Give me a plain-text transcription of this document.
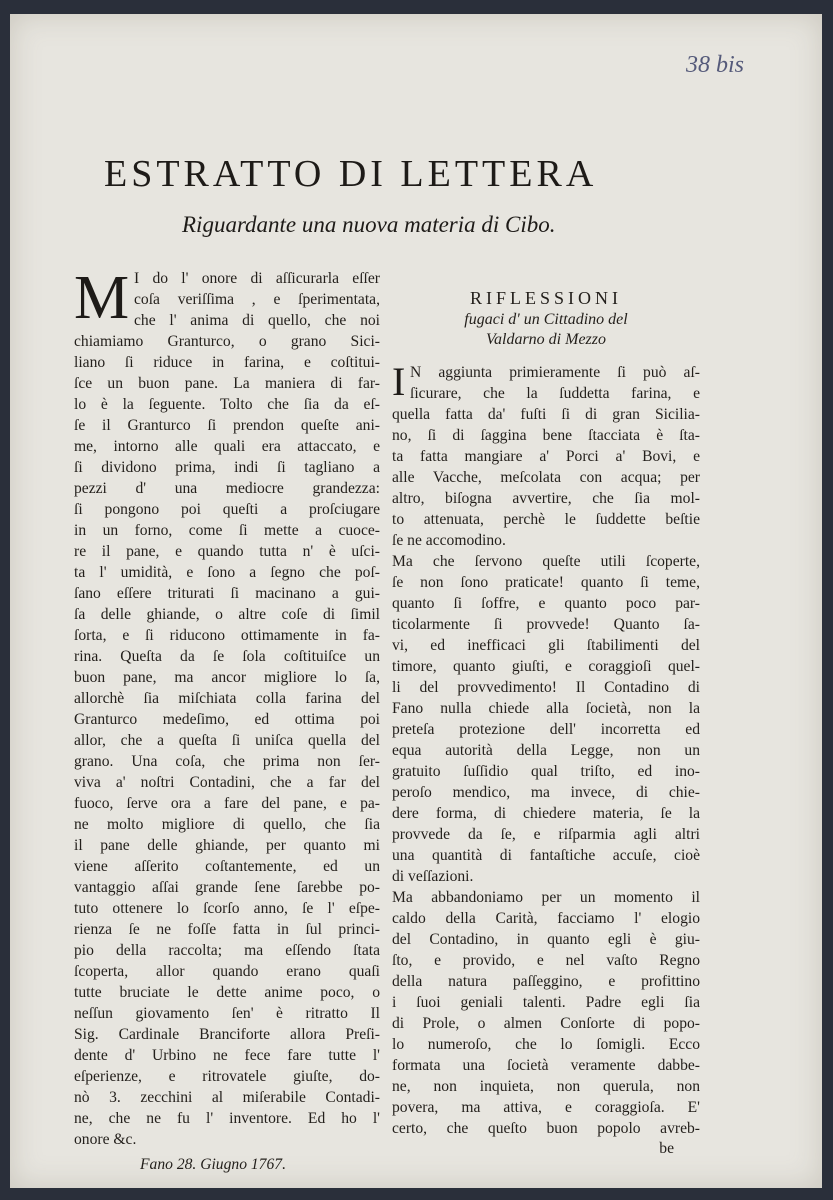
38 bis
ESTRATTO DI LETTERA

Riguardante una nuova materia di Cibo.

M I do l' onore di aſſicurarla eſſer
coſa veriſſima , e ſperimentata,
che l' anima di quello, che noi
chiamiamo Granturco, o grano Sici-
liano ſi riduce in farina, e coſtitui-
ſce un buon pane. La maniera di far-
lo è la ſeguente. Tolto che ſia da eſ-
ſe il Granturco ſi prendon queſte ani-
me, intorno alle quali era attaccato, e
ſi dividono prima, indi ſi tagliano a
pezzi d' una mediocre grandezza:
ſi pongono poi queſti a proſciugare
in un forno, come ſi mette a cuoce-
re il pane, e quando tutta n' è uſci-
ta l' umidità, e ſono a ſegno che poſ-
ſano eſſere triturati ſi macinano a gui-
ſa delle ghiande, o altre coſe di ſimil
ſorta, e ſi riducono ottimamente in fa-
rina. Queſta da ſe ſola coſtituiſce un
buon pane, ma ancor migliore lo ſa,
allorchè ſia miſchiata colla farina del
Granturco medeſimo, ed ottima poi
allor, che a queſta ſi uniſca quella del
grano. Una coſa, che prima non ſer-
viva a' noſtri Contadini, che a far del
fuoco, ſerve ora a fare del pane, e pa-
ne molto migliore di quello, che ſia
il pane delle ghiande, per quanto mi
viene aſſerito coſtantemente, ed un
vantaggio aſſai grande ſene ſarebbe po-
tuto ottenere lo ſcorſo anno, ſe l' eſpe-
rienza ſe ne foſſe fatta in ſul princi-
pio della raccolta; ma eſſendo ſtata
ſcoperta, allor quando erano quaſi
tutte bruciate le dette anime poco, o
neſſun giovamento ſen' è ritratto Il
Sig. Cardinale Branciforte allora Preſi-
dente d' Urbino ne fece fare tutte l'
eſperienze, e ritrovatele giuſte, do-
nò 3. zecchini al miſerabile Contadi-
ne, che ne fu l' inventore. Ed ho l'
onore &c.
Fano 28. Giugno 1767.
RIFLESSIONI
fugaci d' un Cittadino del
Valdarno di Mezzo
I N aggiunta primieramente ſi può aſ-
ſicurare, che la ſuddetta farina, e
quella fatta da' fuſti ſi di gran Sicilia-
no, ſi di ſaggina bene ſtacciata è ſta-
ta fatta mangiare a' Porci a' Bovi, e
alle Vacche, meſcolata con acqua; per
altro, biſogna avvertire, che ſia mol-
to attenuata, perchè le ſuddette beſtie
ſe ne accomodino.
Ma che ſervono queſte utili ſcoperte,
ſe non ſono praticate! quanto ſi teme,
quanto ſi ſoffre, e quanto poco par-
ticolarmente ſi provvede! Quanto ſa-
vi, ed inefficaci gli ſtabilimenti del
timore, quanto giuſti, e coraggioſi quel-
li del provvedimento! Il Contadino di
Fano nulla chiede alla ſocietà, non la
preteſa protezione dell' incorretta ed
equa autorità della Legge, non un
gratuito ſuſſidio qual triſto, ed ino-
peroſo mendico, ma invece, di chie-
dere forma, di chiedere materia, ſe la
provvede da ſe, e riſparmia agli altri
una quantità di fantaſtiche accuſe, cioè
di veſſazioni.
Ma abbandoniamo per un momento il
caldo della Carità, facciamo l' elogio
del Contadino, in quanto egli è giu-
ſto, e provido, e nel vaſto Regno
della natura paſſeggino, e profittino
i ſuoi geniali talenti. Padre egli ſia
di Prole, o almen Conſorte di popo-
lo numeroſo, che lo ſomigli. Ecco
formata una ſocietà veramente dabbe-
ne, non inquieta, non querula, non
povera, ma attiva, e coraggioſa. E'
certo, che queſto buon popolo avreb-
be
